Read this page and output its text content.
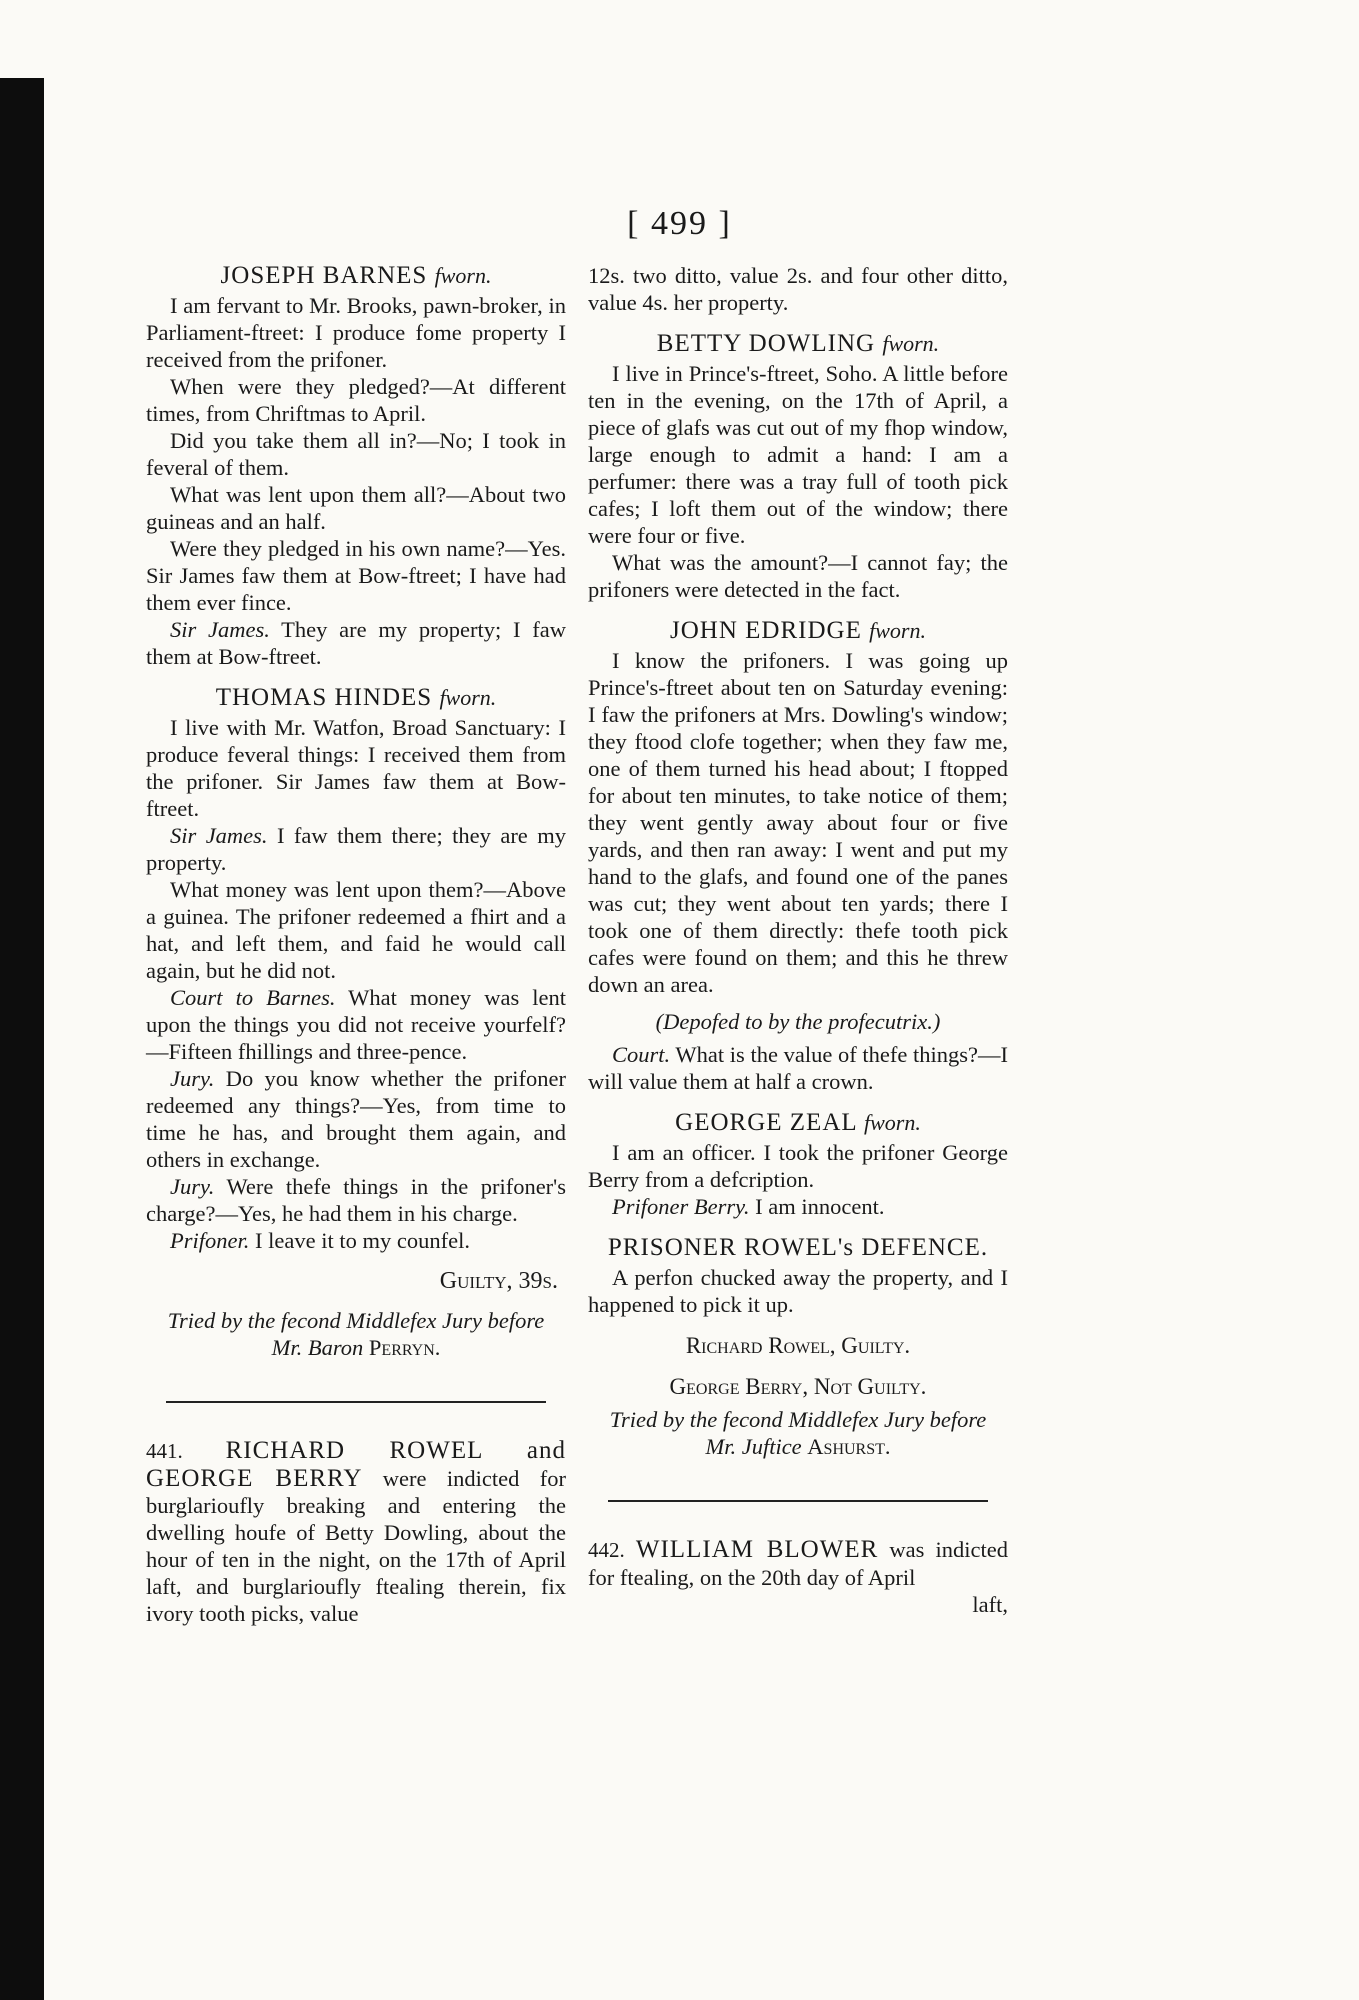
[ 499 ]
JOSEPH BARNES fworn.

I am fervant to Mr. Brooks, pawn-broker, in Parliament-ftreet: I produce fome property I received from the prifoner.

When were they pledged?—At different times, from Chriftmas to April.

Did you take them all in?—No; I took in feveral of them.

What was lent upon them all?—About two guineas and an half.

Were they pledged in his own name?—Yes. Sir James faw them at Bow-ftreet; I have had them ever fince.

Sir James. They are my property; I faw them at Bow-ftreet.

THOMAS HINDES fworn.

I live with Mr. Watfon, Broad Sanctuary: I produce feveral things: I received them from the prifoner. Sir James faw them at Bow-ftreet.

Sir James. I faw them there; they are my property.

What money was lent upon them?—Above a guinea. The prifoner redeemed a fhirt and a hat, and left them, and faid he would call again, but he did not.

Court to Barnes. What money was lent upon the things you did not receive yourfelf?—Fifteen fhillings and three-pence.

Jury. Do you know whether the prifoner redeemed any things?—Yes, from time to time he has, and brought them again, and others in exchange.

Jury. Were thefe things in the prifoner's charge?—Yes, he had them in his charge.

Prifoner. I leave it to my counfel.

Guilty, 39s.
Tried by the fecond Middlefex Jury before
Mr. Baron Perryn.

441. RICHARD ROWEL and GEORGE BERRY were indicted for burglarioufly breaking and entering the dwelling houfe of Betty Dowling, about the hour of ten in the night, on the 17th of April laft, and burglarioufly ftealing therein, fix ivory tooth picks, value

12s. two ditto, value 2s. and four other ditto, value 4s. her property.

BETTY DOWLING fworn.

I live in Prince's-ftreet, Soho. A little before ten in the evening, on the 17th of April, a piece of glafs was cut out of my fhop window, large enough to admit a hand: I am a perfumer: there was a tray full of tooth pick cafes; I loft them out of the window; there were four or five.

What was the amount?—I cannot fay; the prifoners were detected in the fact.

JOHN EDRIDGE fworn.

I know the prifoners. I was going up Prince's-ftreet about ten on Saturday evening: I faw the prifoners at Mrs. Dowling's window; they ftood clofe together; when they faw me, one of them turned his head about; I ftopped for about ten minutes, to take notice of them; they went gently away about four or five yards, and then ran away: I went and put my hand to the glafs, and found one of the panes was cut; they went about ten yards; there I took one of them directly: thefe tooth pick cafes were found on them; and this he threw down an area.

(Depofed to by the profecutrix.)

Court. What is the value of thefe things?—I will value them at half a crown.

GEORGE ZEAL fworn.

I am an officer. I took the prifoner George Berry from a defcription.

Prifoner Berry. I am innocent.

PRISONER ROWEL's DEFENCE.

A perfon chucked away the property, and I happened to pick it up.

Richard Rowel, Guilty.
George Berry, Not Guilty.
Tried by the fecond Middlefex Jury before
Mr. Juftice Ashurst.

442. WILLIAM BLOWER was indicted for ftealing, on the 20th day of April

laft,
